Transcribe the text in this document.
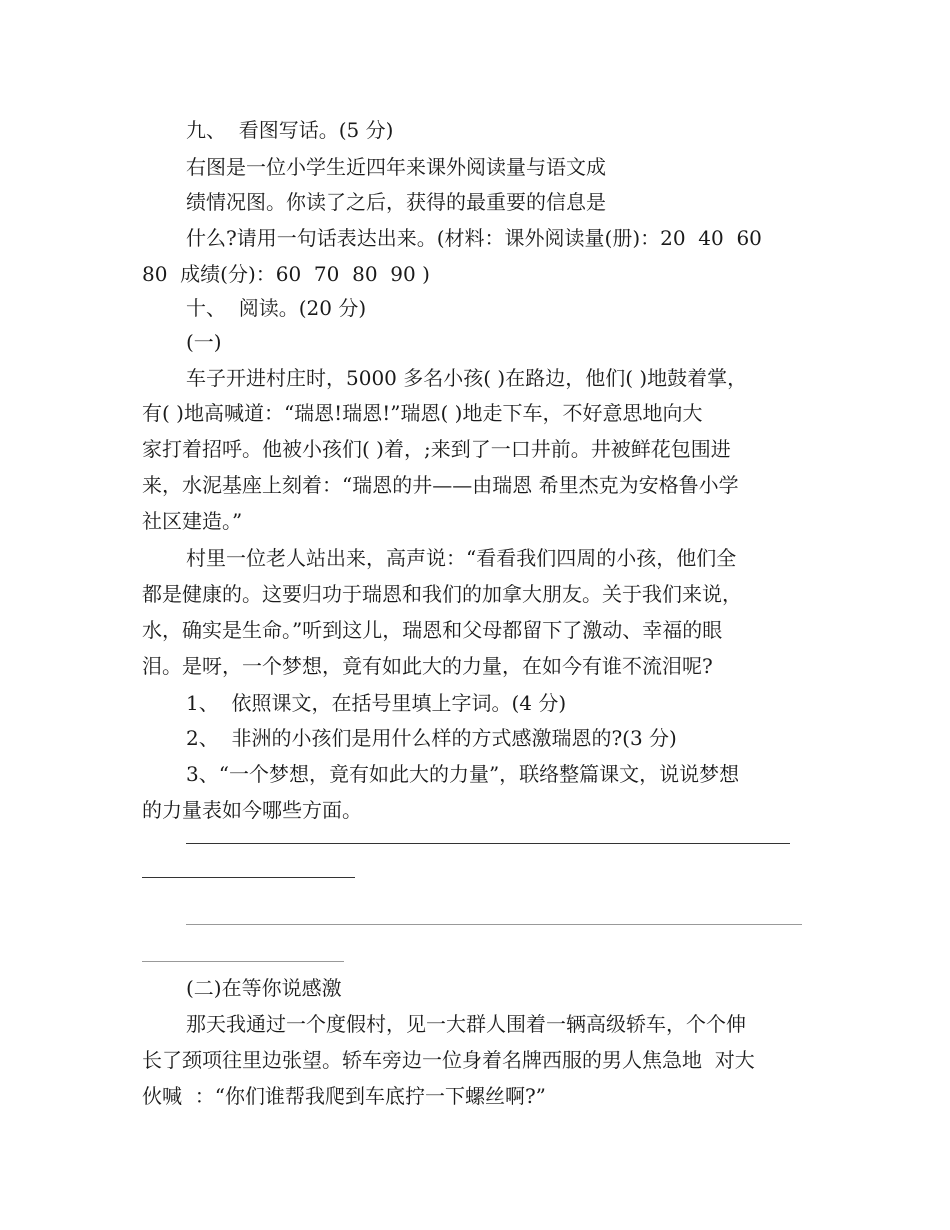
九、  看图写话。(5 分)
右图是一位小学生近四年来课外阅读量与语文成
绩情况图。你读了之后，获得的最重要的信息是
什么?请用一句话表达出来。(材料：课外阅读量(册)：20  40  60
80  成绩(分)：60  70  80  90 )
十、  阅读。(20 分)
(一)
车子开进村庄时，5000 多名小孩( )在路边，他们( )地鼓着掌，
有( )地高喊道：“瑞恩!瑞恩!”瑞恩( )地走下车，不好意思地向大
家打着招呼。他被小孩们( )着，;来到了一口井前。井被鲜花包围进
来，水泥基座上刻着：“瑞恩的井——由瑞恩 希里杰克为安格鲁小学
社区建造。”
村里一位老人站出来，高声说：“看看我们四周的小孩，他们全
都是健康的。这要归功于瑞恩和我们的加拿大朋友。关于我们来说，
水，确实是生命。”听到这儿，瑞恩和父母都留下了激动、幸福的眼
泪。是呀，一个梦想，竟有如此大的力量，在如今有谁不流泪呢?
1、  依照课文，在括号里填上字词。(4 分)
2、  非洲的小孩们是用什么样的方式感激瑞恩的?(3 分)
3、“一个梦想，竟有如此大的力量”，联络整篇课文，说说梦想
的力量表如今哪些方面。
(二)在等你说感激
那天我通过一个度假村，见一大群人围着一辆高级轿车，个个伸
长了颈项往里边张望。轿车旁边一位身着名牌西服的男人焦急地  对大
伙喊  ：“你们谁帮我爬到车底拧一下螺丝啊?”
